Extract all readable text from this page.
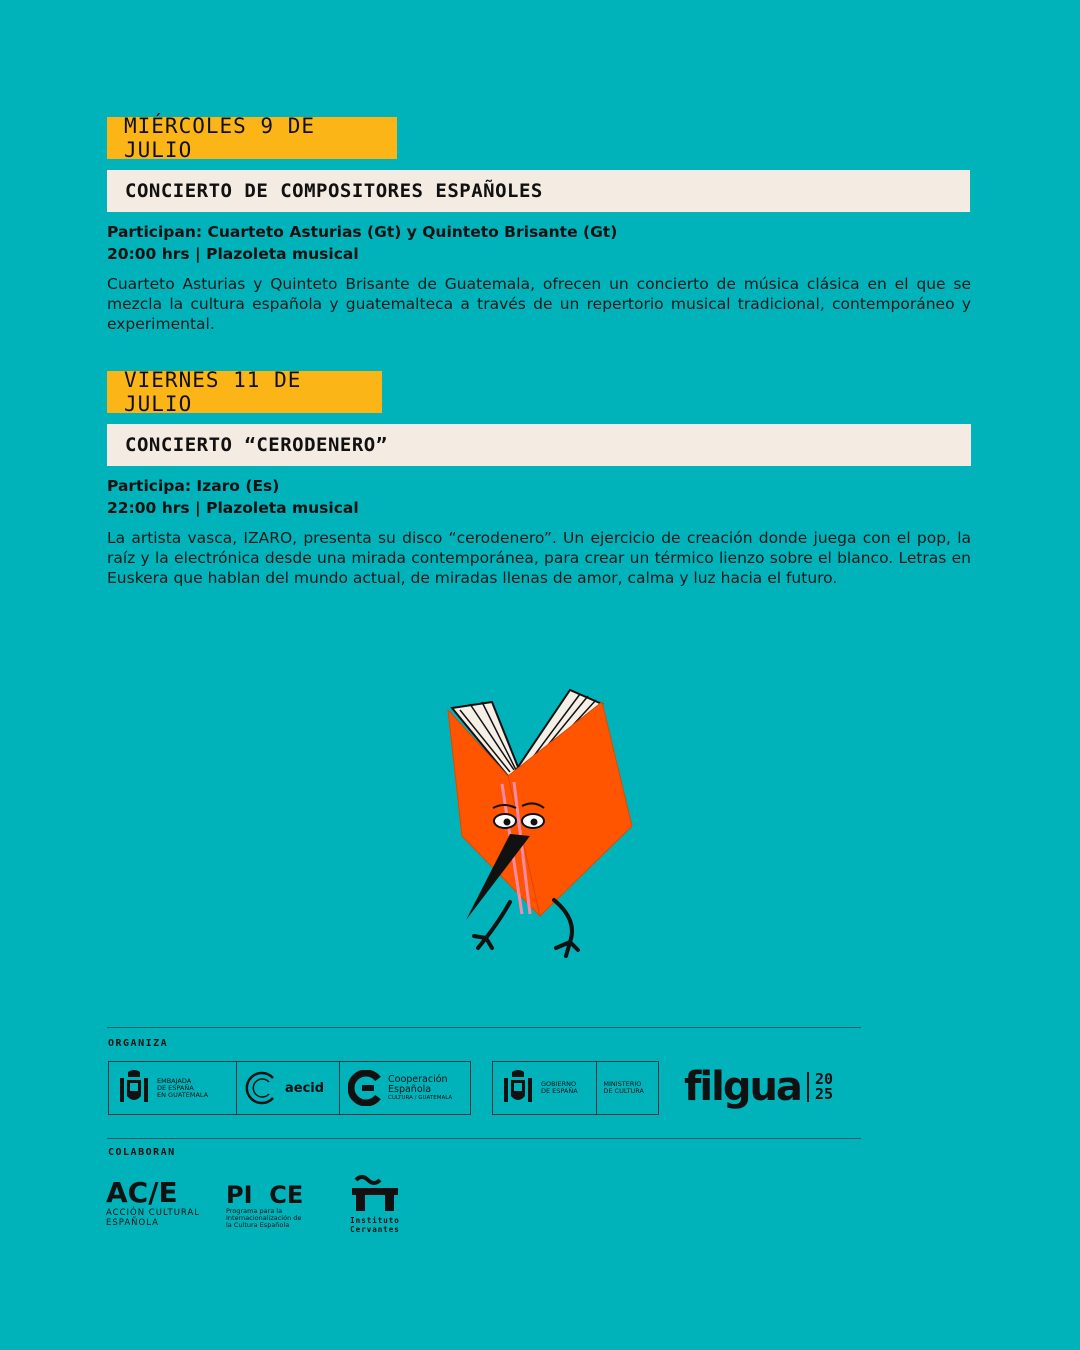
MIÉRCOLES 9 DE JULIO
CONCIERTO DE COMPOSITORES ESPAÑOLES
Participan: Cuarteto Asturias (Gt) y Quinteto Brisante (Gt)
20:00 hrs | Plazoleta musical
Cuarteto Asturias y Quinteto Brisante de Guatemala, ofrecen un concierto de música clásica en el que se mezcla la cultura española y guatemalteca a través de un repertorio musical tradicional, contemporáneo y experimental.
VIERNES 11 DE JULIO
CONCIERTO “CERODENERO”
Participa: Izaro (Es)
22:00 hrs | Plazoleta musical
La artista vasca, IZARO, presenta su disco “cerodenero”. Un ejercicio de creación donde juega con el pop, la raíz y la electrónica desde una mirada contemporánea, para crear un térmico lienzo sobre el blanco. Letras en Euskera que hablan del mundo actual, de miradas llenas de amor, calma y luz hacia el futuro.
ORGANIZA
EMBAJADA
DE ESPAÑA
EN GUATEMALA	aecid
Cooperación
Española
CULTURA / GUATEMALA
GOBIERNO
DE ESPAÑA
MINISTERIO
DE CULTURA filgua 20
25
COLABORAN
AC/E
ACCIÓN CULTURAL
ESPAÑOLA
PI  CE
Programa para la
Internacionalización de
la Cultura Española	Instituto
Cervantes
